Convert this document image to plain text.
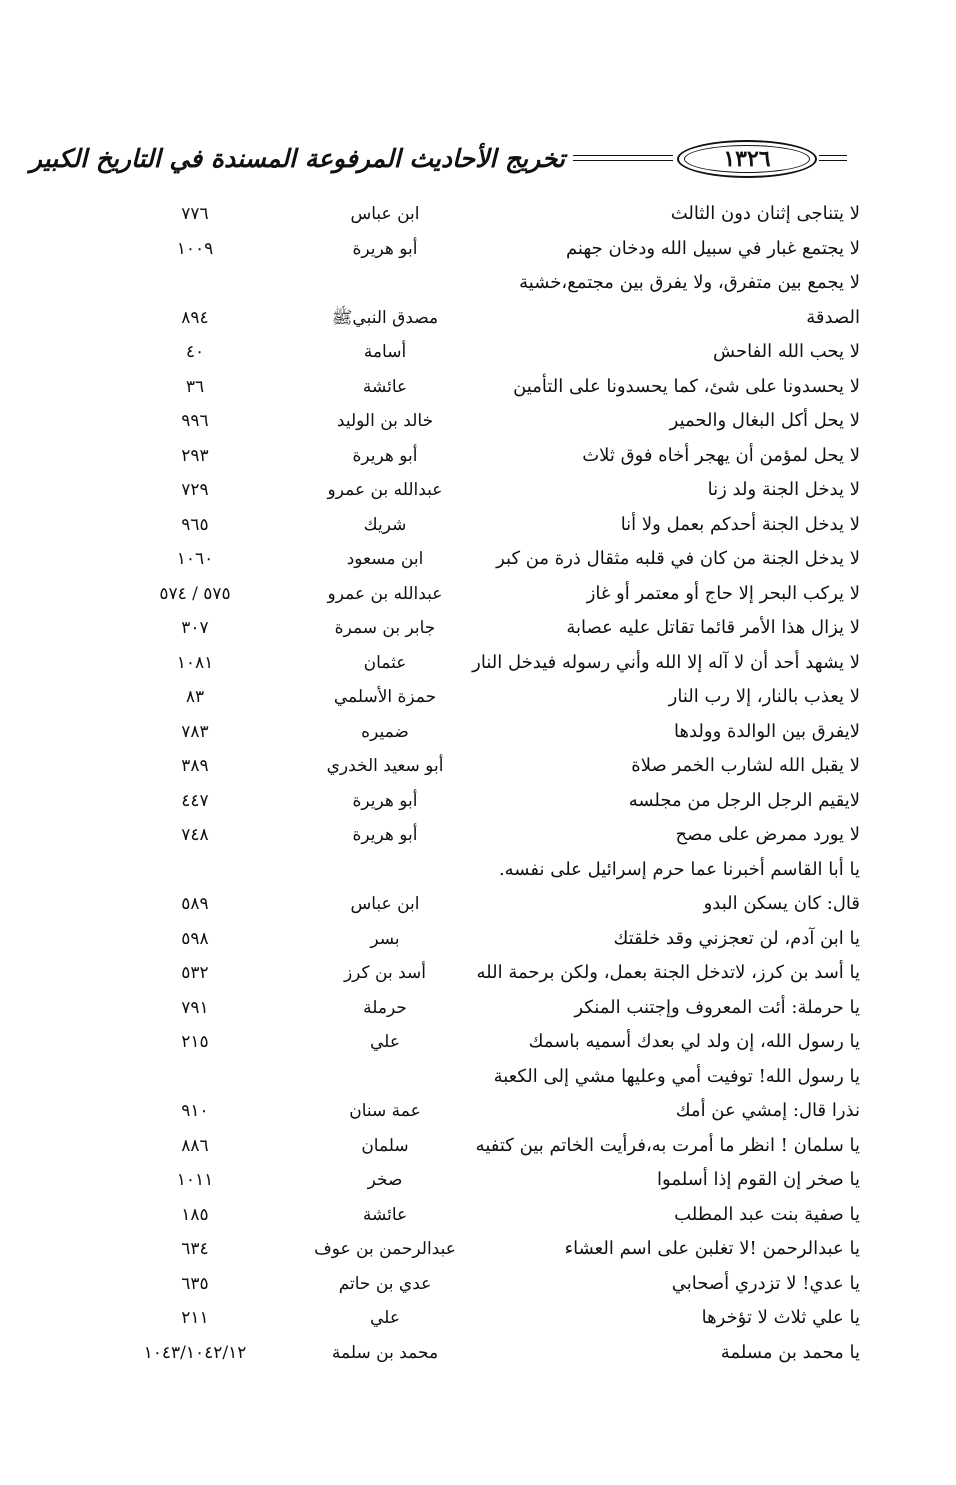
تخريج الأحاديث المرفوعة المسندة في التاريخ الكبير	١٣٢٦
لا يتناجى إثنان دون الثالث
ابن عباس
٧٧٦
لا يجتمع غبار في سبيل الله ودخان جهنم
أبو هريرة
١٠٠٩
لا يجمع بين متفرق، ولا يفرق بين مجتمع،خشية
الصدقة
مصدق النبيﷺ
٨٩٤
لا يحب الله الفاحش
أسامة
٤٠
لا يحسدونا على شئ، كما يحسدونا على التأمين
عائشة
٣٦
لا يحل أكل البغال والحمير
خالد بن الوليد
٩٩٦
لا يحل لمؤمن أن يهجر أخاه فوق ثلاث
أبو هريرة
٢٩٣
لا يدخل الجنة ولد زنا
عبدالله بن عمرو
٧٢٩
لا يدخل الجنة أحدكم بعمل ولا أنا
شريك
٩٦٥
لا يدخل الجنة من كان في قلبه مثقال ذرة من كبر
ابن مسعود
١٠٦٠
لا يركب البحر إلا حاج أو معتمر أو غاز
عبدالله بن عمرو
٥٧٥ / ٥٧٤
لا يزال هذا الأمر قائما تقاتل عليه عصابة
جابر بن سمرة
٣٠٧
لا يشهد أحد أن لا آله إلا الله وأني رسوله فيدخل النار
عثمان
١٠٨١
لا يعذب بالنار، إلا رب النار
حمزة الأسلمي
٨٣
لايفرق بين الوالدة وولدها
ضميره
٧٨٣
لا يقبل الله لشارب الخمر صلاة
أبو سعيد الخدري
٣٨٩
لايقيم الرجل الرجل من مجلسه
أبو هريرة
٤٤٧
لا يورد ممرض على مصح
أبو هريرة
٧٤٨
يا أبا القاسم أخبرنا عما حرم إسرائيل على نفسه.
قال: كان يسكن البدو
ابن عباس
٥٨٩
يا ابن آدم، لن تعجزني وقد خلقتك
بسر
٥٩٨
يا أسد بن كرز، لاتدخل الجنة بعمل، ولكن برحمة الله
أسد بن كرز
٥٣٢
يا حرملة: أئت المعروف وإجتنب المنكر
حرملة
٧٩١
يا رسول الله، إن ولد لي بعدك أسميه باسمك
علي
٢١٥
يا رسول الله! توفيت أمي وعليها مشي إلى الكعبة
نذرا قال: إمشي عن أمك
عمة سنان
٩١٠
يا سلمان ! انظر ما أمرت به،فرأيت الخاتم بين كتفيه
سلمان
٨٨٦
يا صخر إن القوم إذا أسلموا
صخر
١٠١١
يا صفية بنت عبد المطلب
عائشة
١٨٥
يا عبدالرحمن !لا تغلبن على اسم العشاء
عبدالرحمن بن عوف
٦٣٤
يا عدي! لا تزدري أصحابي
عدي بن حاتم
٦٣٥
يا علي ثلاث لا تؤخرها
علي
٢١١
يا محمد بن مسلمة
محمد بن سلمة
١٠٤٣/١٠٤٢/١٢
